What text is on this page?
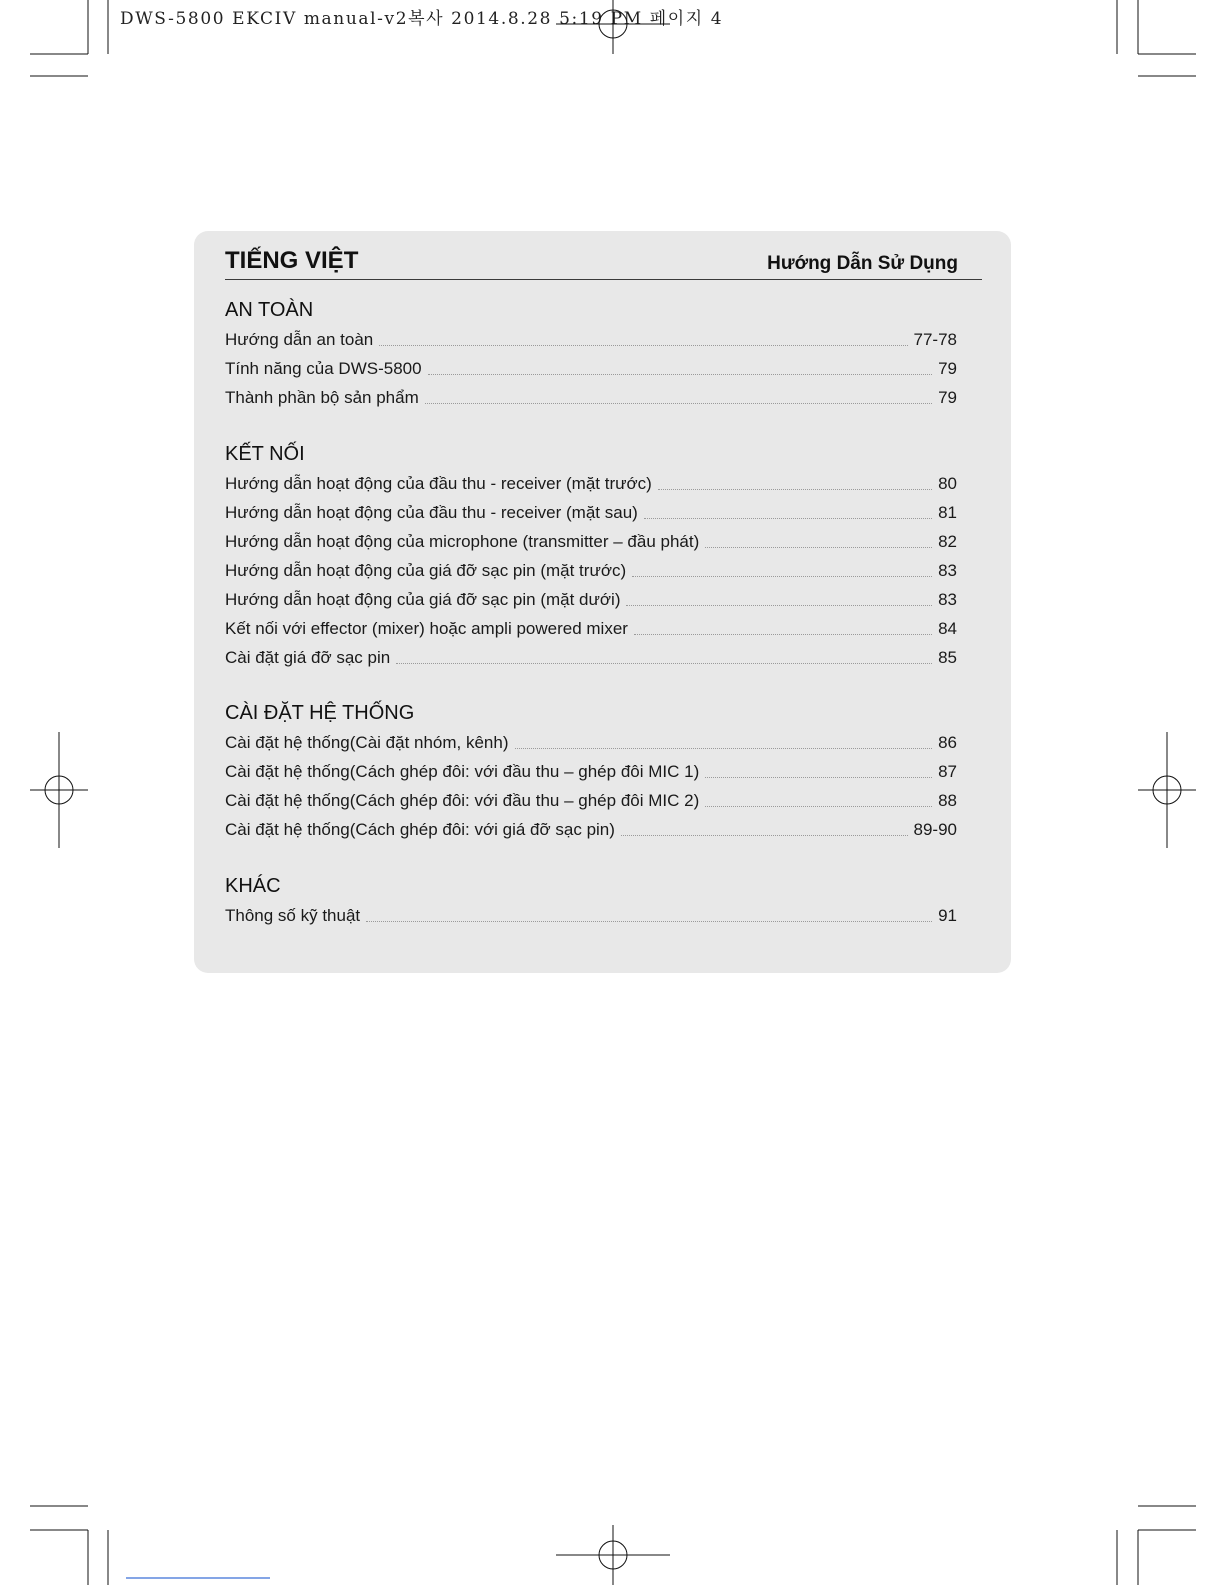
DWS-5800 EKCIV manual-v2복사 2014.8.28 5:19 PM 페이지 4
TIẾNG VIỆT	Hướng Dẫn Sử Dụng
AN TOÀN
Hướng dẫn an toàn	77-78
Tính năng của DWS-5800	79
Thành phần bộ sản phẩm	79
KẾT NỐI
Hướng dẫn hoạt động của đầu thu - receiver (mặt trước)	80
Hướng dẫn hoạt động của đầu thu - receiver (mặt sau)	81
Hướng dẫn hoạt động của microphone (transmitter – đầu phát)	82
Hướng dẫn hoạt động của giá đỡ sạc pin (mặt trước)	83
Hướng dẫn hoạt động của giá đỡ sạc pin (mặt dưới)	83
Kết nối với effector (mixer) hoặc ampli powered mixer	84
Cài đặt giá đỡ sạc pin	85
CÀI ĐẶT HỆ THỐNG
Cài đặt hệ thống(Cài đặt nhóm, kênh)	86
Cài đặt hệ thống(Cách ghép đôi: với đầu thu – ghép đôi MIC 1)	87
Cài đặt hệ thống(Cách ghép đôi: với đầu thu – ghép đôi MIC 2)	88
Cài đặt hệ thống(Cách ghép đôi: với giá đỡ sạc pin)	89-90
KHÁC
Thông số kỹ thuật	91
